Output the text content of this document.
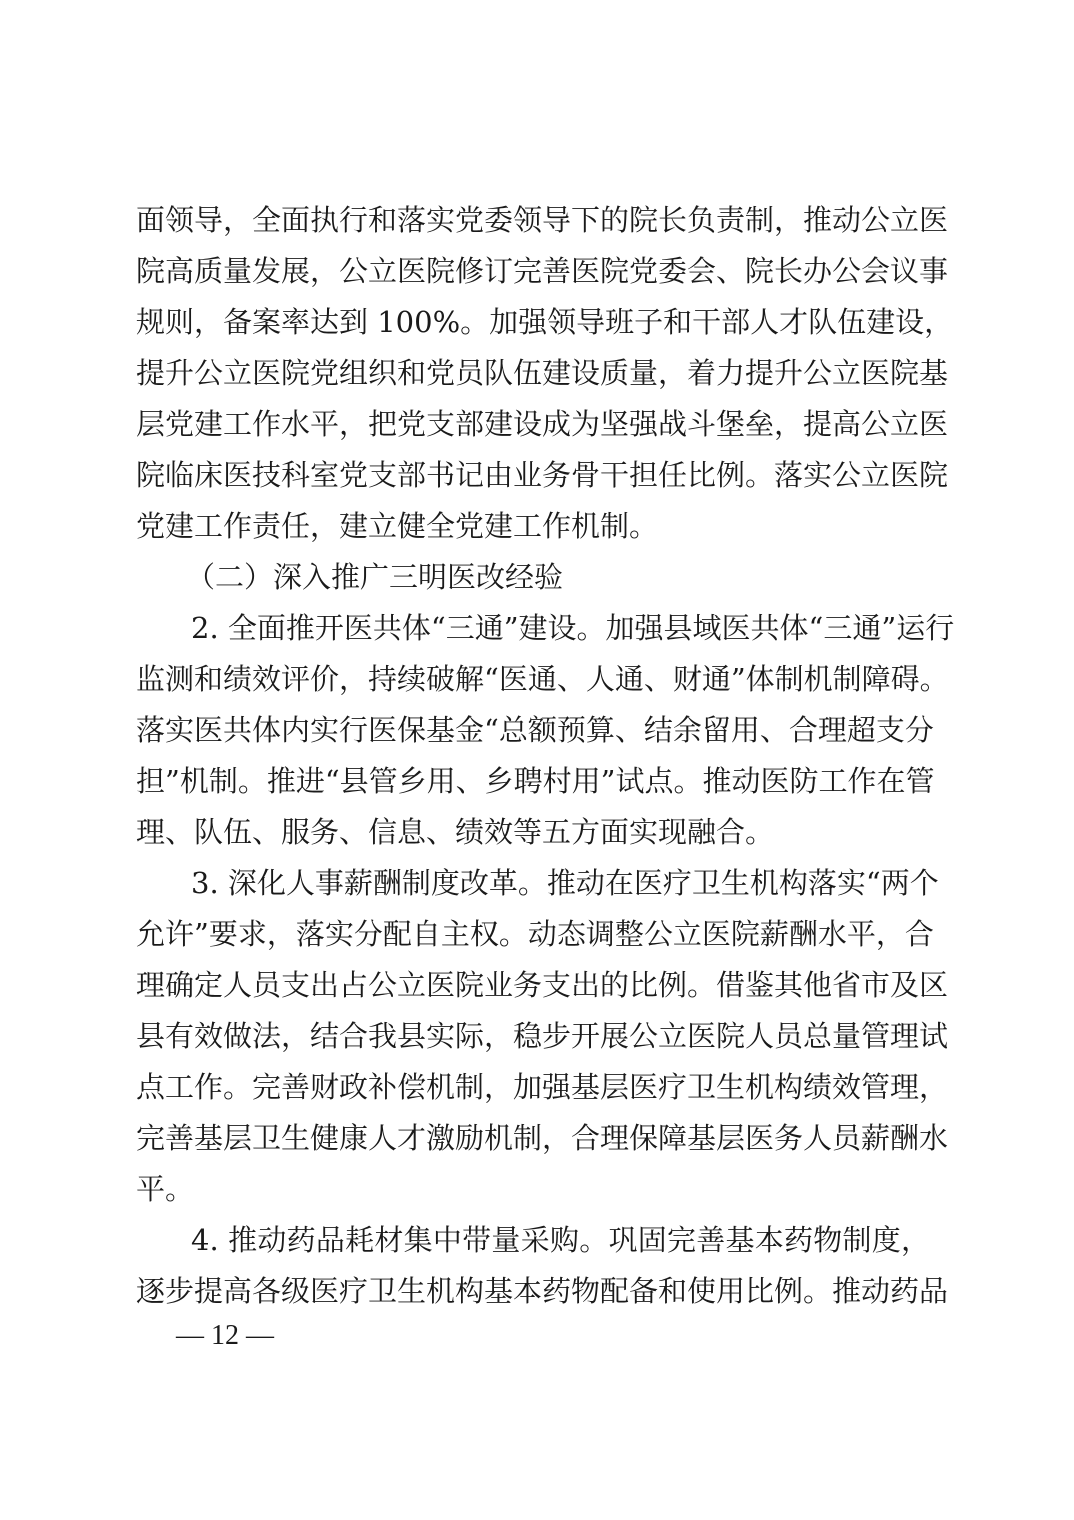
面领导，全面执行和落实党委领导下的院长负责制，推动公立医
院高质量发展，公立医院修订完善医院党委会、院长办公会议事
规则，备案率达到 100%。加强领导班子和干部人才队伍建设，
提升公立医院党组织和党员队伍建设质量，着力提升公立医院基
层党建工作水平，把党支部建设成为坚强战斗堡垒，提高公立医
院临床医技科室党支部书记由业务骨干担任比例。落实公立医院
党建工作责任，建立健全党建工作机制。
（二）深入推广三明医改经验
2. 全面推开医共体“三通”建设。加强县域医共体“三通”运行
监测和绩效评价，持续破解“医通、人通、财通”体制机制障碍。
落实医共体内实行医保基金“总额预算、结余留用、合理超支分
担”机制。推进“县管乡用、乡聘村用”试点。推动医防工作在管
理、队伍、服务、信息、绩效等五方面实现融合。
3. 深化人事薪酬制度改革。推动在医疗卫生机构落实“两个
允许”要求，落实分配自主权。动态调整公立医院薪酬水平，合
理确定人员支出占公立医院业务支出的比例。借鉴其他省市及区
县有效做法，结合我县实际，稳步开展公立医院人员总量管理试
点工作。完善财政补偿机制，加强基层医疗卫生机构绩效管理，
完善基层卫生健康人才激励机制，合理保障基层医务人员薪酬水
平。
4. 推动药品耗材集中带量采购。巩固完善基本药物制度，
逐步提高各级医疗卫生机构基本药物配备和使用比例。推动药品
— 12 —
